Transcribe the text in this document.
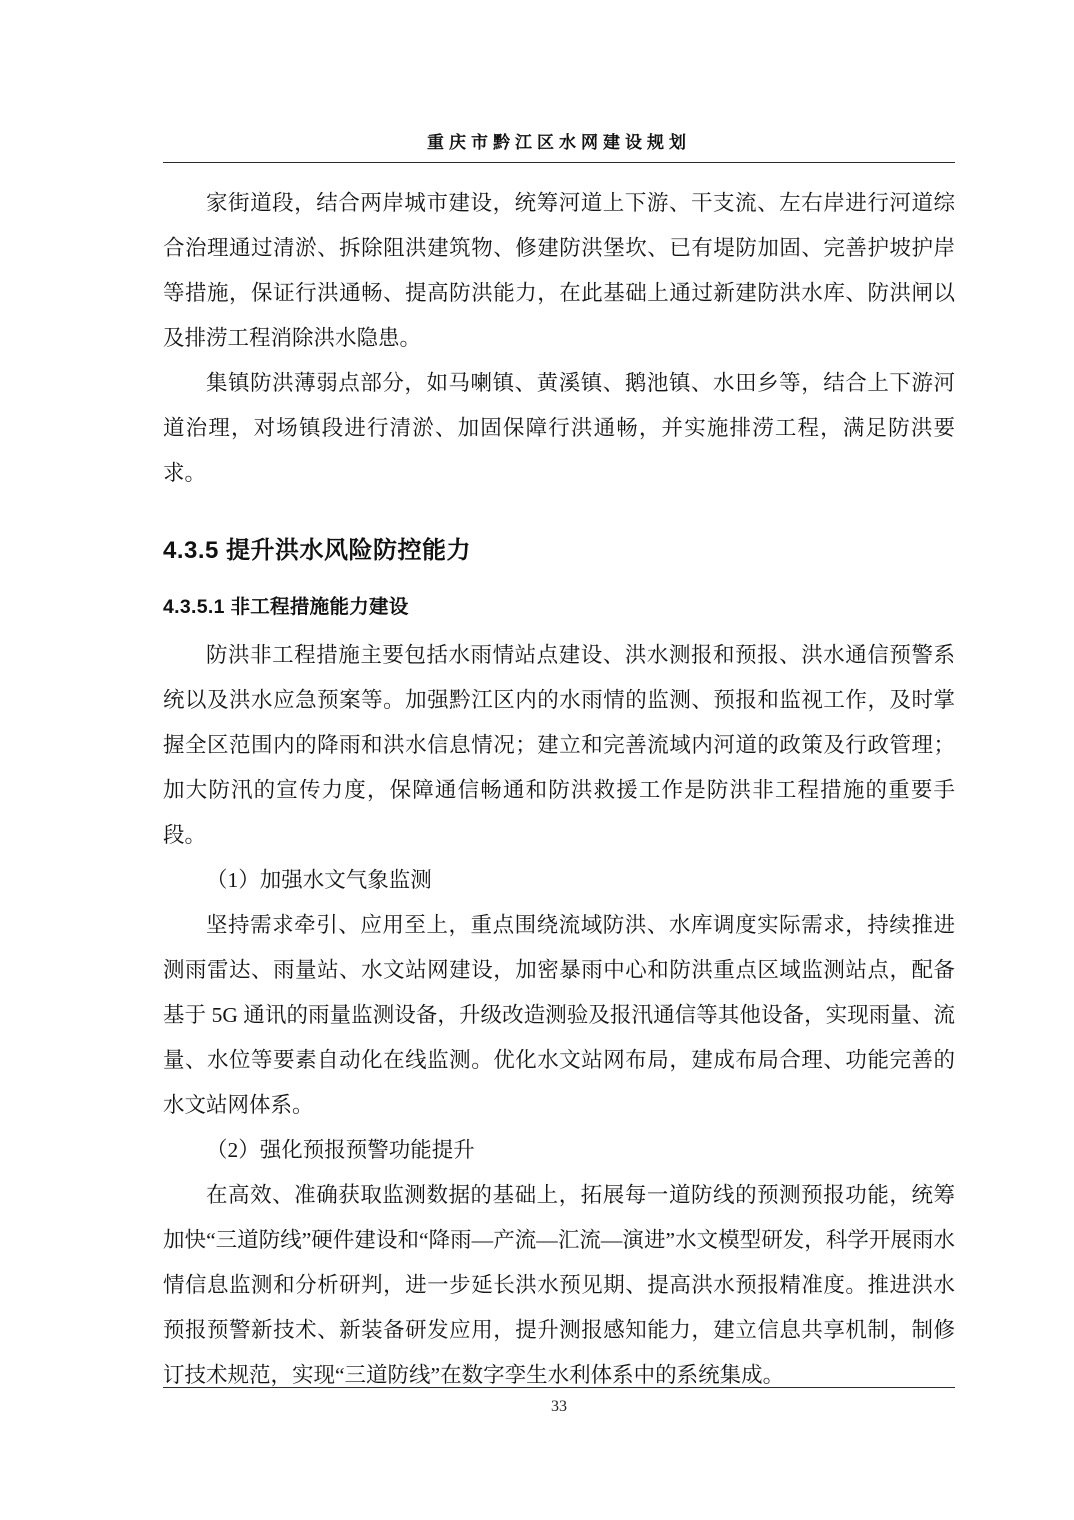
重庆市黔江区水网建设规划

家街道段，结合两岸城市建设，统筹河道上下游、干支流、左右岸进行河道综合治理通过清淤、拆除阻洪建筑物、修建防洪堡坎、已有堤防加固、完善护坡护岸等措施，保证行洪通畅、提高防洪能力，在此基础上通过新建防洪水库、防洪闸以及排涝工程消除洪水隐患。

集镇防洪薄弱点部分，如马喇镇、黄溪镇、鹅池镇、水田乡等，结合上下游河道治理，对场镇段进行清淤、加固保障行洪通畅，并实施排涝工程，满足防洪要求。

4.3.5 提升洪水风险防控能力
4.3.5.1 非工程措施能力建设

防洪非工程措施主要包括水雨情站点建设、洪水测报和预报、洪水通信预警系统以及洪水应急预案等。加强黔江区内的水雨情的监测、预报和监视工作，及时掌握全区范围内的降雨和洪水信息情况；建立和完善流域内河道的政策及行政管理；加大防汛的宣传力度，保障通信畅通和防洪救援工作是防洪非工程措施的重要手段。

（1）加强水文气象监测

坚持需求牵引、应用至上，重点围绕流域防洪、水库调度实际需求，持续推进测雨雷达、雨量站、水文站网建设，加密暴雨中心和防洪重点区域监测站点，配备基于 5G 通讯的雨量监测设备，升级改造测验及报汛通信等其他设备，实现雨量、流量、水位等要素自动化在线监测。优化水文站网布局，建成布局合理、功能完善的水文站网体系。

（2）强化预报预警功能提升

在高效、准确获取监测数据的基础上，拓展每一道防线的预测预报功能，统筹加快“三道防线”硬件建设和“降雨—产流—汇流—演进”水文模型研发，科学开展雨水情信息监测和分析研判，进一步延长洪水预见期、提高洪水预报精准度。推进洪水预报预警新技术、新装备研发应用，提升测报感知能力，建立信息共享机制，制修订技术规范，实现“三道防线”在数字孪生水利体系中的系统集成。

33
